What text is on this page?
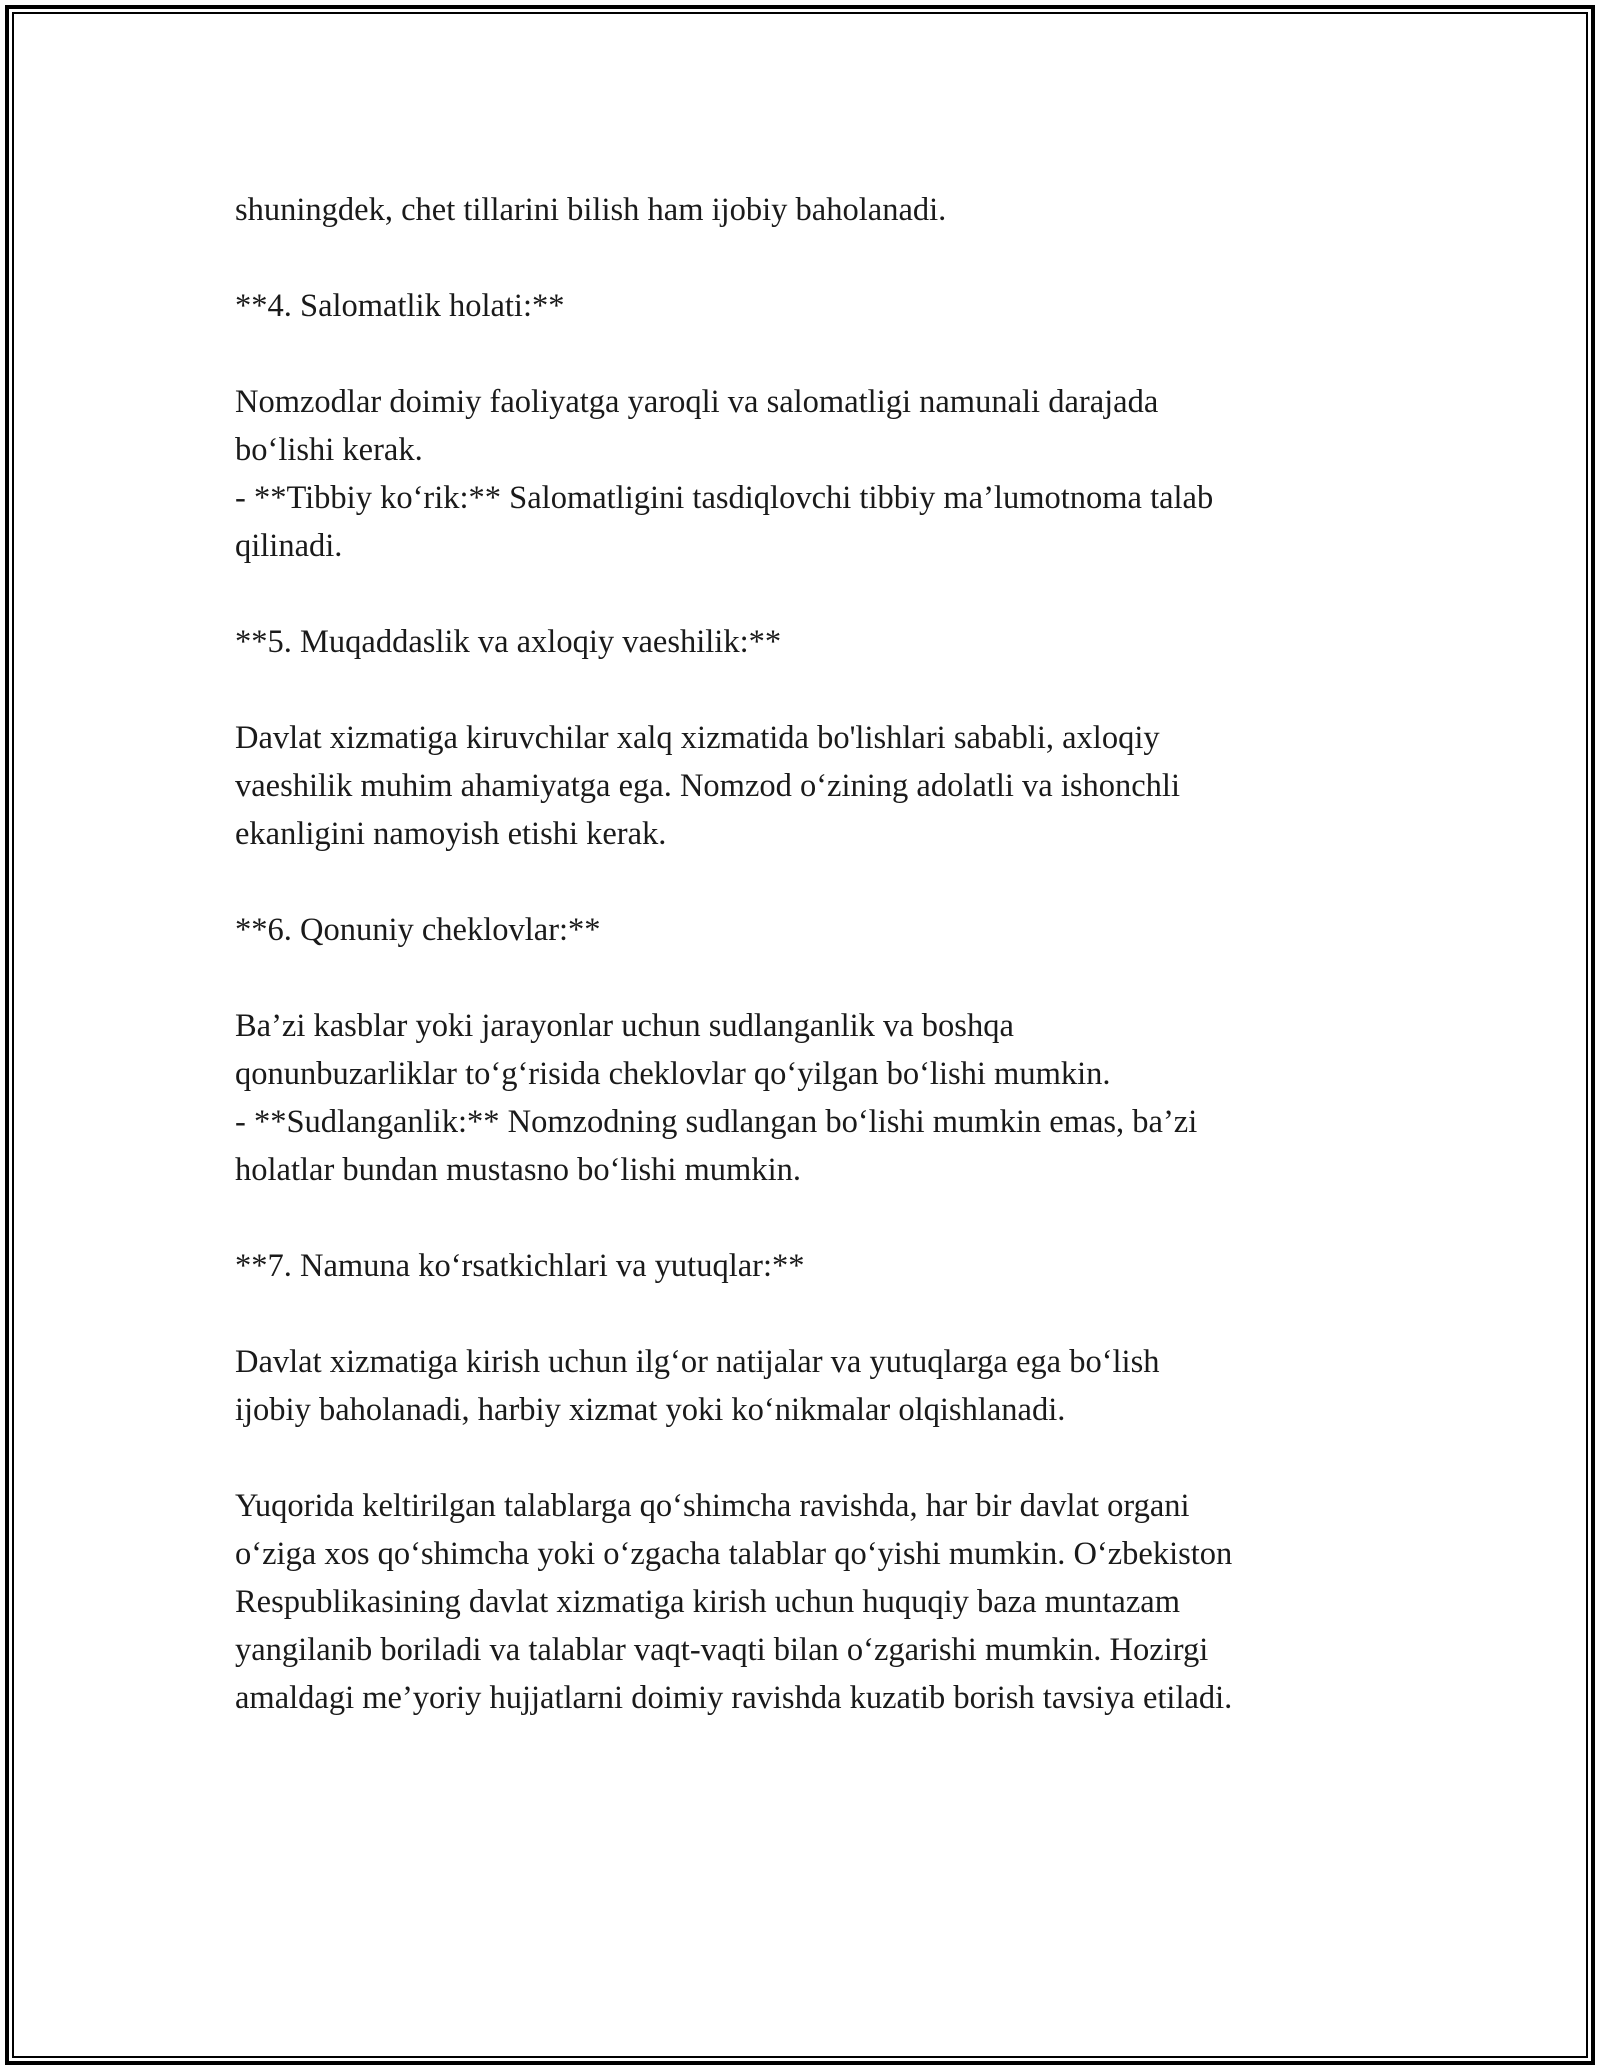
shuningdek, chet tillarini bilish ham ijobiy baholanadi.

**4. Salomatlik holati:**

Nomzodlar doimiy faoliyatga yaroqli va salomatligi namunali darajada

bo‘lishi kerak.

- **Tibbiy ko‘rik:** Salomatligini tasdiqlovchi tibbiy ma’lumotnoma talab

qilinadi.

**5. Muqaddaslik va axloqiy vaeshilik:**

Davlat xizmatiga kiruvchilar xalq xizmatida bo'lishlari sababli, axloqiy

vaeshilik muhim ahamiyatga ega. Nomzod o‘zining adolatli va ishonchli

ekanligini namoyish etishi kerak.

**6. Qonuniy cheklovlar:**

Ba’zi kasblar yoki jarayonlar uchun sudlanganlik va boshqa

qonunbuzarliklar to‘g‘risida cheklovlar qo‘yilgan bo‘lishi mumkin.

- **Sudlanganlik:** Nomzodning sudlangan bo‘lishi mumkin emas, ba’zi

holatlar bundan mustasno bo‘lishi mumkin.

**7. Namuna ko‘rsatkichlari va yutuqlar:**

Davlat xizmatiga kirish uchun ilg‘or natijalar va yutuqlarga ega bo‘lish

ijobiy baholanadi, harbiy xizmat yoki ko‘nikmalar olqishlanadi.

Yuqorida keltirilgan talablarga qo‘shimcha ravishda, har bir davlat organi

o‘ziga xos qo‘shimcha yoki o‘zgacha talablar qo‘yishi mumkin. O‘zbekiston

Respublikasining davlat xizmatiga kirish uchun huquqiy baza muntazam

yangilanib boriladi va talablar vaqt-vaqti bilan o‘zgarishi mumkin. Hozirgi

amaldagi me’yoriy hujjatlarni doimiy ravishda kuzatib borish tavsiya etiladi.
